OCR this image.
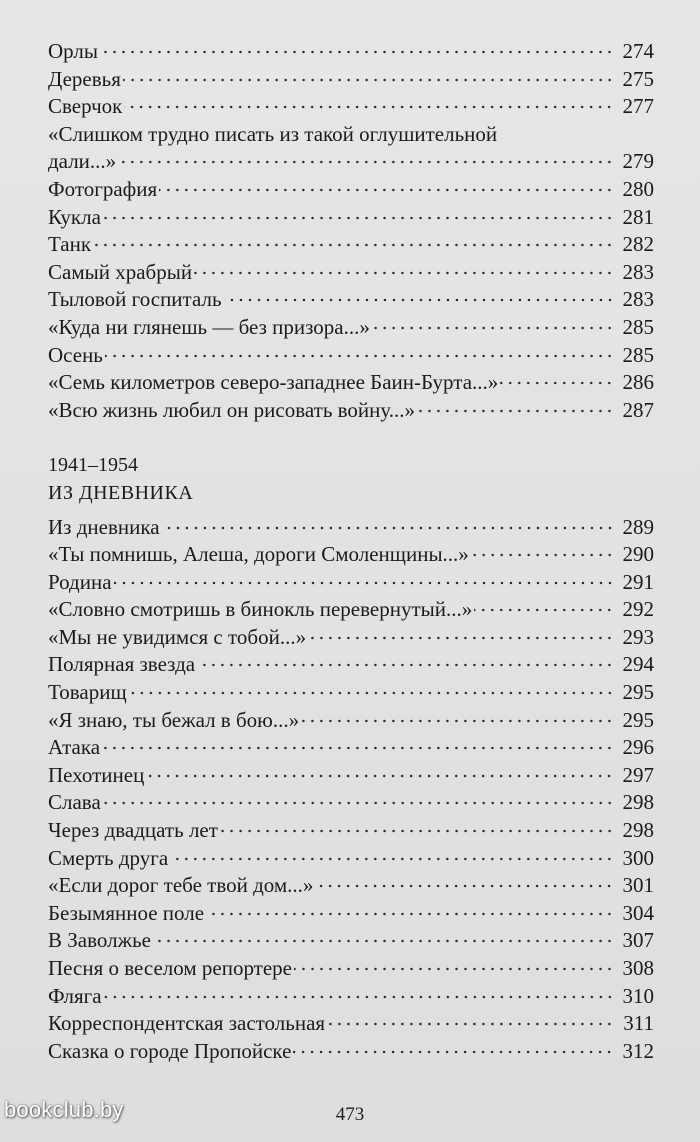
Орлы	274
Деревья	275
Сверчок	277
«Слишком трудно писать из такой оглушительной
дали...»	279
Фотография	280
Кукла	281
Танк	282
Самый храбрый	283
Тыловой госпиталь	283
«Куда ни глянешь — без призора...»	285
Осень	285
«Семь километров северо-западнее Баин-Бурта...»	286
«Всю жизнь любил он рисовать войну...»	287
1941–1954
ИЗ ДНЕВНИКА
Из дневника	289
«Ты помнишь, Алеша, дороги Смоленщины...»	290
Родина	291
«Словно смотришь в бинокль перевернутый...»	292
«Мы не увидимся с тобой...»	293
Полярная звезда	294
Товарищ	295
«Я знаю, ты бежал в бою...»	295
Атака	296
Пехотинец	297
Слава	298
Через двадцать лет	298
Смерть друга	300
«Если дорог тебе твой дом...»	301
Безымянное поле	304
В Заволжье	307
Песня о веселом репортере	308
Фляга	310
Корреспондентская застольная	311
Сказка о городе Пропойске	312
473
bookclub.by
